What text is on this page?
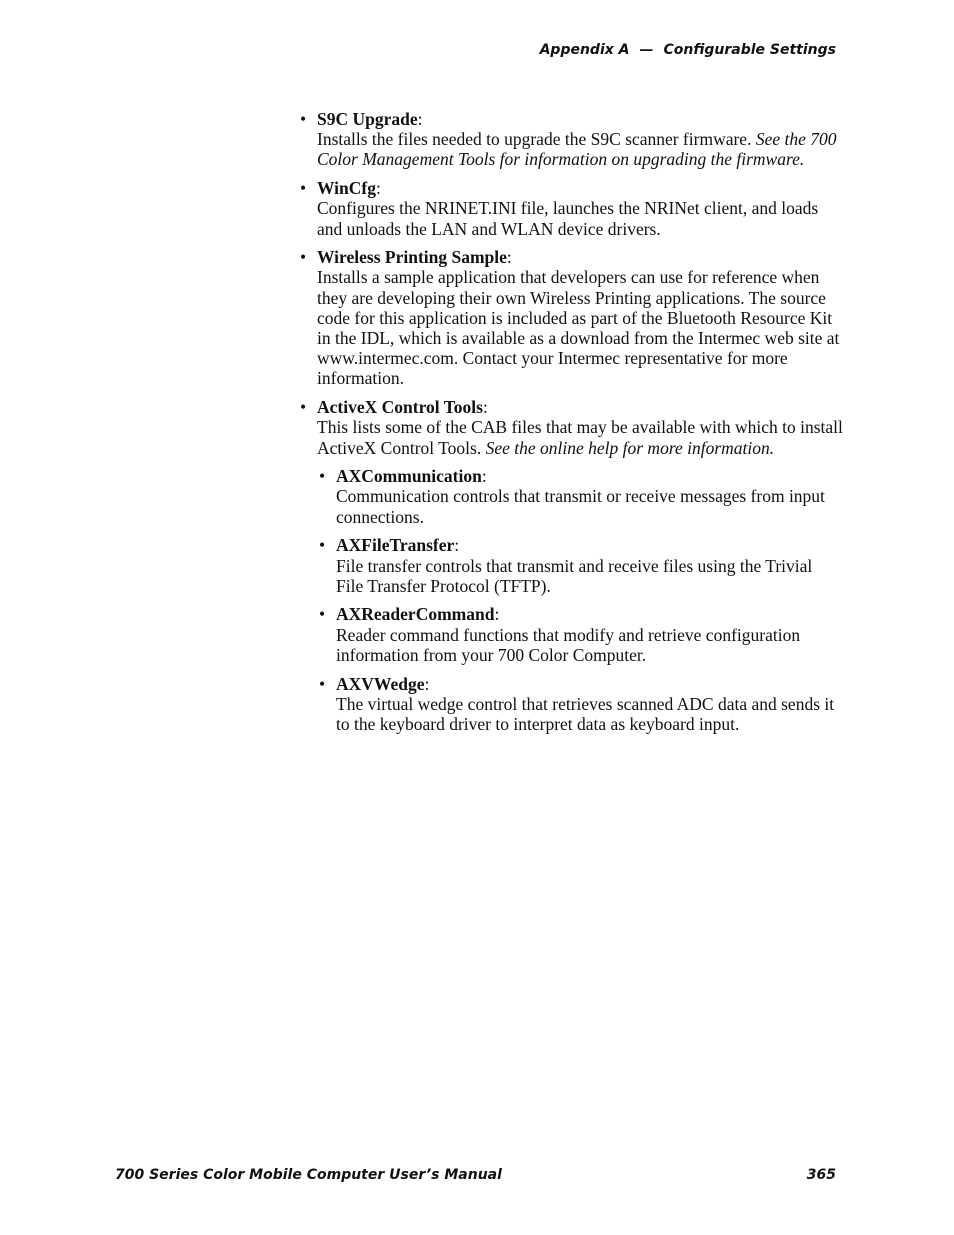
Appendix A — Configurable Settings
• S9C Upgrade:
Installs the files needed to upgrade the S9C scanner firmware. See the 700 Color Management Tools for information on upgrading the firmware.
• WinCfg:
Configures the NRINET.INI file, launches the NRINet client, and loads and unloads the LAN and WLAN device drivers.
• Wireless Printing Sample:
Installs a sample application that developers can use for reference when they are developing their own Wireless Printing applications. The source code for this application is included as part of the Bluetooth Resource Kit in the IDL, which is available as a download from the Intermec web site at www.intermec.com. Contact your Intermec representative for more information.
• ActiveX Control Tools:
This lists some of the CAB files that may be available with which to install ActiveX Control Tools. See the online help for more information.
• AXCommunication:
Communication controls that transmit or receive messages from input connections.
• AXFileTransfer:
File transfer controls that transmit and receive files using the Trivial File Transfer Protocol (TFTP).
• AXReaderCommand:
Reader command functions that modify and retrieve configuration information from your 700 Color Computer.
• AXVWedge:
The virtual wedge control that retrieves scanned ADC data and sends it to the keyboard driver to interpret data as keyboard input.
700 Series Color Mobile Computer User’s Manual	365
